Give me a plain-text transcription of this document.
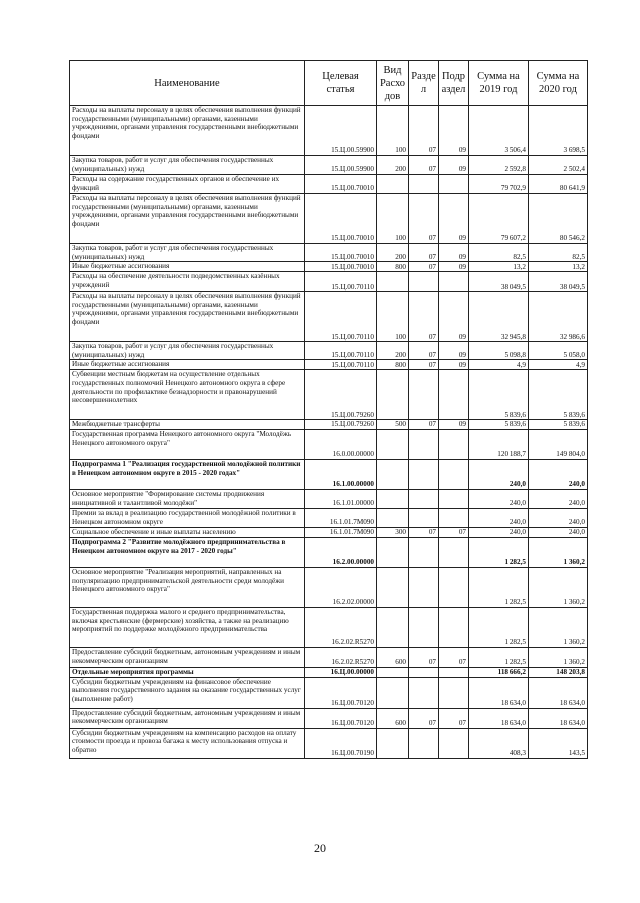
Наименование	Целевая статья	Вид Расхо дов	Разде л	Подр аздел	Сумма на 2019 год	Сумма на 2020 год
Расходы на выплаты персоналу в целях обеспечения выполнения функций государственными (муниципальными) органами, казенными учреждениями, органами управления государственными внебюджетными фондами	15.Ц.00.59900	100	07	09	3 506,4	3 698,5
Закупка товаров, работ и услуг для обеспечения государственных (муниципальных) нужд	15.Ц.00.59900	200	07	09	2 592,8	2 502,4
Расходы на содержание государственных органов и обеспечение их функций	15.Ц.00.70010				79 702,9	80 641,9
Расходы на выплаты персоналу в целях обеспечения выполнения функций государственными (муниципальными) органами, казенными учреждениями, органами управления государственными внебюджетными фондами	15.Ц.00.70010	100	07	09	79 607,2	80 546,2
Закупка товаров, работ и услуг для обеспечения государственных (муниципальных) нужд	15.Ц.00.70010	200	07	09	82,5	82,5
Иные бюджетные ассигнования	15.Ц.00.70010	800	07	09	13,2	13,2
Расходы на обеспечение деятельности подведомственных казённых учреждений	15.Ц.00.70110				38 049,5	38 049,5
Расходы на выплаты персоналу в целях обеспечения выполнения функций государственными (муниципальными) органами, казенными учреждениями, органами управления государственными внебюджетными фондами	15.Ц.00.70110	100	07	09	32 945,8	32 986,6
Закупка товаров, работ и услуг для обеспечения государственных (муниципальных) нужд	15.Ц.00.70110	200	07	09	5 098,8	5 058,0
Иные бюджетные ассигнования	15.Ц.00.70110	800	07	09	4,9	4,9
Субвенции местным бюджетам на осуществление отдельных государственных полномочий Ненецкого автономного округа в сфере деятельности по профилактике безнадзорности и правонарушений несовершеннолетних	15.Ц.00.79260				5 839,6	5 839,6
Межбюджетные трансферты	15.Ц.00.79260	500	07	09	5 839,6	5 839,6
Государственная программа Ненецкого автономного округа "Молодёжь Ненецкого автономного округа"	16.0.00.00000				120 188,7	149 804,0
Подпрограмма 1 "Реализация государственной молодёжной политики в Ненецком автономном округе в 2015 - 2020 годах"	16.1.00.00000				240,0	240,0
Основное мероприятие "Формирование системы продвижения инициативной и талантливой молодёжи"	16.1.01.00000				240,0	240,0
Премии за вклад в реализацию государственной молодёжной политики в Ненецком автономном округе	16.1.01.7М090				240,0	240,0
Социальное обеспечение и иные выплаты населению	16.1.01.7М090	300	07	07	240,0	240,0
Подпрограмма 2 "Развитие молодёжного предпринимательства в Ненецком автономном округе на 2017 - 2020 годы"	16.2.00.00000				1 282,5	1 360,2
Основное мероприятие "Реализация мероприятий, направленных на популяризацию предпринимательской деятельности среди молодёжи Ненецкого автономного округа"	16.2.02.00000				1 282,5	1 360,2
Государственная поддержка малого и среднего предпринимательства, включая крестьянские (фермерские) хозяйства, а также на реализацию мероприятий по поддержке молодёжного предпринимательства	16.2.02.R5270				1 282,5	1 360,2
Предоставление субсидий бюджетным, автономным учреждениям и иным некоммерческим организациям	16.2.02.R5270	600	07	07	1 282,5	1 360,2
Отдельные мероприятия программы	16.Ц.00.00000				118 666,2	148 203,8
Субсидии бюджетным учреждениям на финансовое обеспечение выполнения государственного задания на оказание государственных услуг (выполнение работ)	16.Ц.00.70120				18 634,0	18 634,0
Предоставление субсидий бюджетным, автономным учреждениям и иным некоммерческим организациям	16.Ц.00.70120	600	07	07	18 634,0	18 634,0
Субсидии бюджетным учреждениям на компенсацию расходов на оплату стоимости проезда и провоза багажа к месту использования отпуска и обратно	16.Ц.00.70190				408,3	143,5
20
